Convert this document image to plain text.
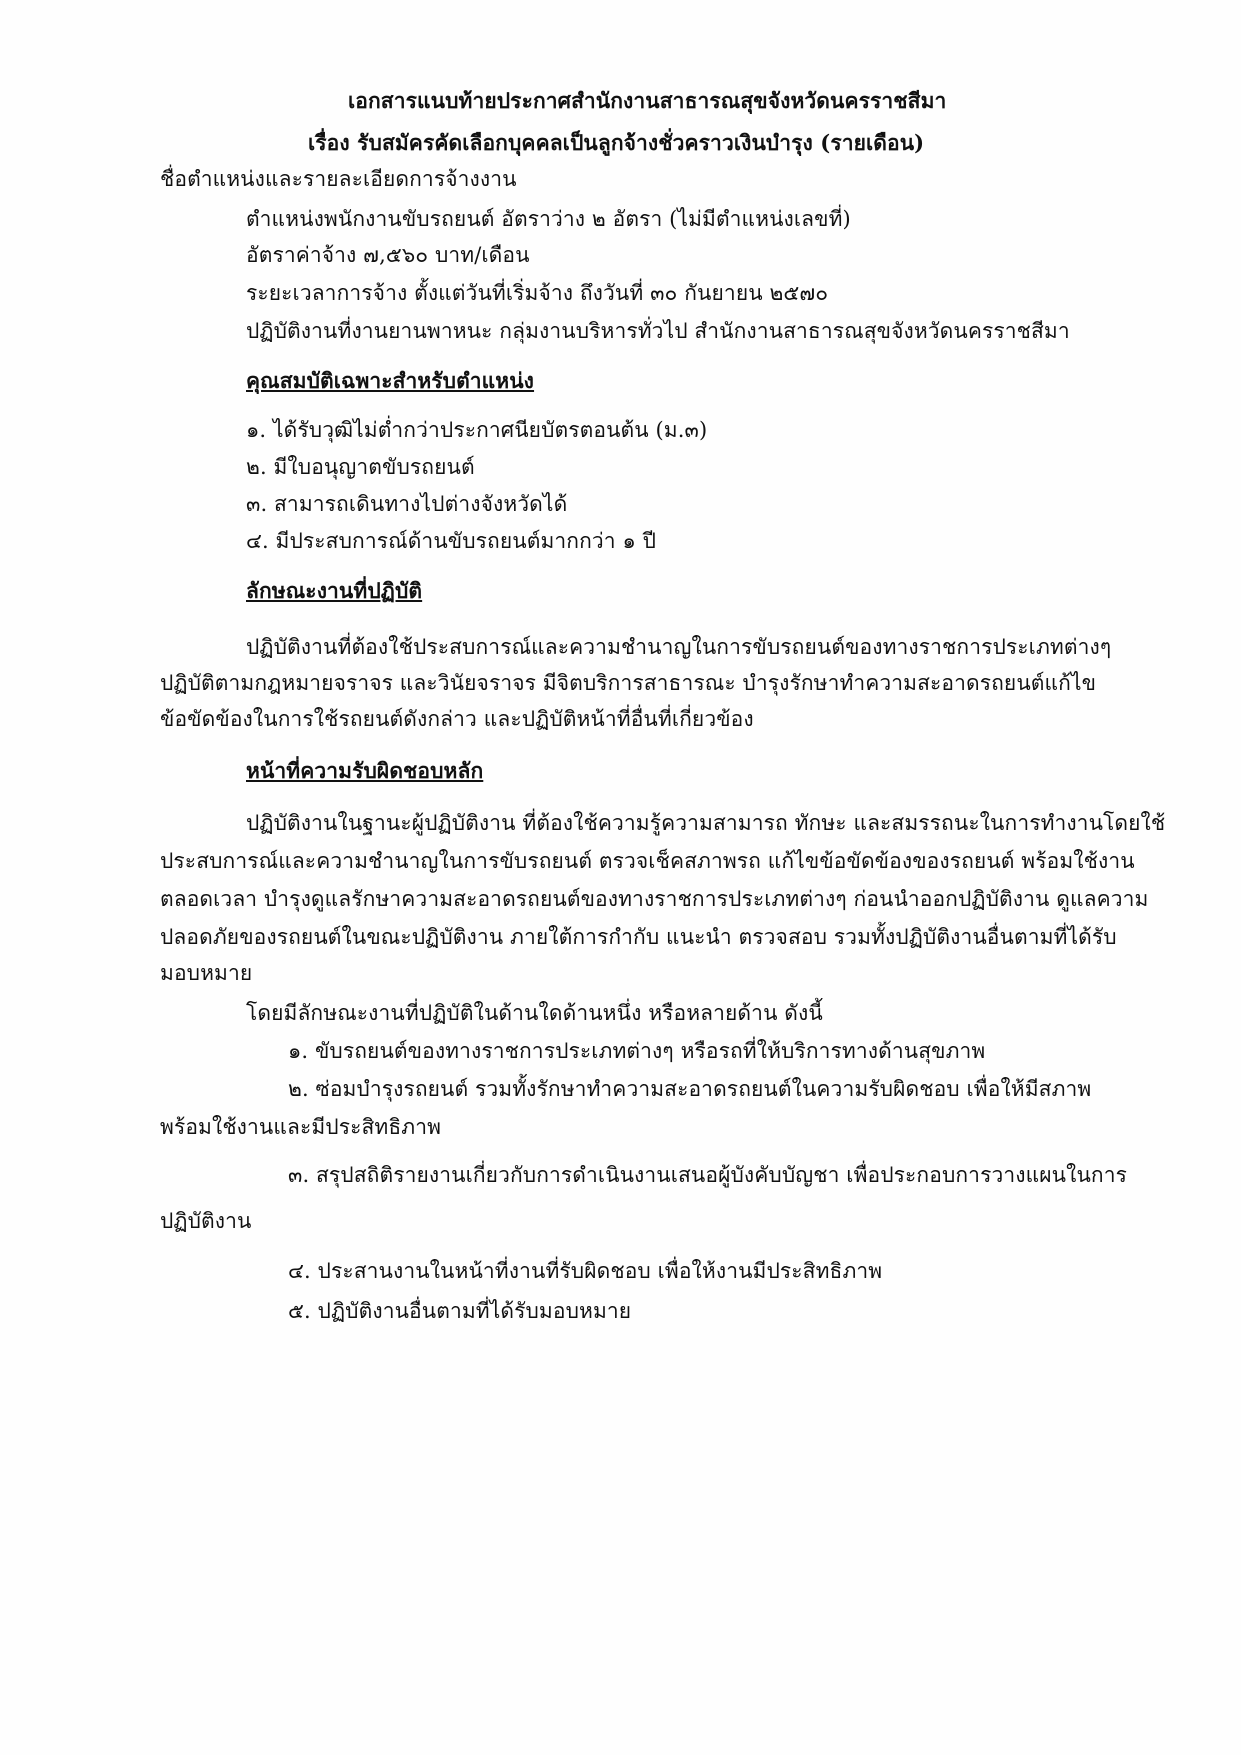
เอกสารแนบท้ายประกาศสำนักงานสาธารณสุขจังหวัดนครราชสีมา
เรื่อง รับสมัครคัดเลือกบุคคลเป็นลูกจ้างชั่วคราวเงินบำรุง (รายเดือน)
ชื่อตำแหน่งและรายละเอียดการจ้างงาน
ตำแหน่งพนักงานขับรถยนต์ อัตราว่าง ๒ อัตรา (ไม่มีตำแหน่งเลขที่)
อัตราค่าจ้าง ๗,๕๖๐ บาท/เดือน
ระยะเวลาการจ้าง ตั้งแต่วันที่เริ่มจ้าง ถึงวันที่ ๓๐ กันยายน ๒๕๗๐
ปฏิบัติงานที่งานยานพาหนะ กลุ่มงานบริหารทั่วไป สำนักงานสาธารณสุขจังหวัดนครราชสีมา
คุณสมบัติเฉพาะสำหรับตำแหน่ง
๑. ได้รับวุฒิไม่ต่ำกว่าประกาศนียบัตรตอนต้น (ม.๓)
๒. มีใบอนุญาตขับรถยนต์
๓. สามารถเดินทางไปต่างจังหวัดได้
๔. มีประสบการณ์ด้านขับรถยนต์มากกว่า ๑ ปี
ลักษณะงานที่ปฏิบัติ
ปฏิบัติงานที่ต้องใช้ประสบการณ์และความชำนาญในการขับรถยนต์ของทางราชการประเภทต่างๆ
ปฏิบัติตามกฎหมายจราจร และวินัยจราจร มีจิตบริการสาธารณะ บำรุงรักษาทำความสะอาดรถยนต์แก้ไข
ข้อขัดข้องในการใช้รถยนต์ดังกล่าว และปฏิบัติหน้าที่อื่นที่เกี่ยวข้อง
หน้าที่ความรับผิดชอบหลัก
ปฏิบัติงานในฐานะผู้ปฏิบัติงาน ที่ต้องใช้ความรู้ความสามารถ ทักษะ และสมรรถนะในการทำงานโดยใช้
ประสบการณ์และความชำนาญในการขับรถยนต์ ตรวจเช็คสภาพรถ แก้ไขข้อขัดข้องของรถยนต์ พร้อมใช้งาน
ตลอดเวลา บำรุงดูแลรักษาความสะอาดรถยนต์ของทางราชการประเภทต่างๆ ก่อนนำออกปฏิบัติงาน ดูแลความ
ปลอดภัยของรถยนต์ในขณะปฏิบัติงาน ภายใต้การกำกับ แนะนำ ตรวจสอบ รวมทั้งปฏิบัติงานอื่นตามที่ได้รับ
มอบหมาย
โดยมีลักษณะงานที่ปฏิบัติในด้านใดด้านหนึ่ง หรือหลายด้าน ดังนี้
๑. ขับรถยนต์ของทางราชการประเภทต่างๆ หรือรถที่ให้บริการทางด้านสุขภาพ
๒. ซ่อมบำรุงรถยนต์ รวมทั้งรักษาทำความสะอาดรถยนต์ในความรับผิดชอบ เพื่อให้มีสภาพ
พร้อมใช้งานและมีประสิทธิภาพ
๓. สรุปสถิติรายงานเกี่ยวกับการดำเนินงานเสนอผู้บังคับบัญชา เพื่อประกอบการวางแผนในการ
ปฏิบัติงาน
๔. ประสานงานในหน้าที่งานที่รับผิดชอบ เพื่อให้งานมีประสิทธิภาพ
๕. ปฏิบัติงานอื่นตามที่ได้รับมอบหมาย
